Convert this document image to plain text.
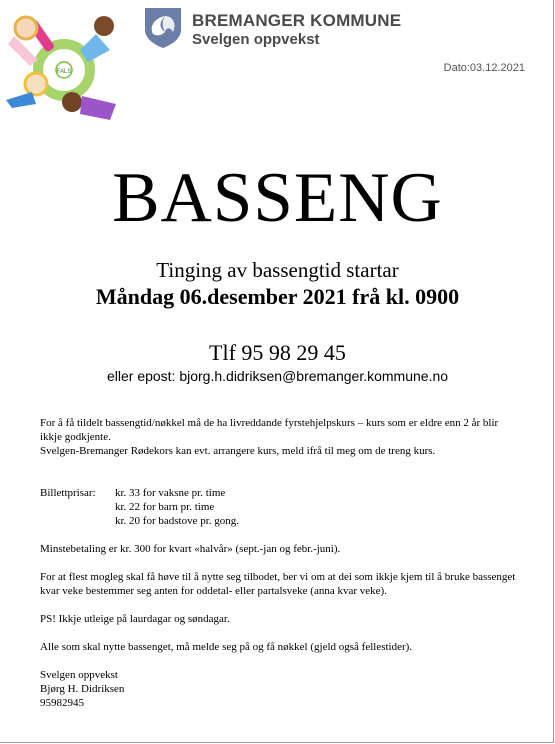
FALS
BREMANGER KOMMUNE
Svelgen oppvekst
Dato:03.12.2021
BASSENG
Tinging av bassengtid startar
Måndag 06.desember 2021 frå kl. 0900
Tlf 95 98 29 45
eller epost: bjorg.h.didriksen@bremanger.kommune.no

For å få tildelt bassengtid/nøkkel må de ha livreddande fyrstehjelpskurs – kurs som er eldre enn 2 år blir ikkje godkjente.

Svelgen-Bremanger Rødekors kan evt. arrangere kurs, meld ifrå til meg om de treng kurs.

Billettprisar:	kr. 33 for vaksne pr. time
kr. 22 for barn pr. time
kr. 20 for badstove pr. gong.

Minstebetaling er kr. 300 for kvart «halvår» (sept.-jan og febr.-juni).

For at flest mogleg skal få høve til å nytte seg tilbodet, ber vi om at dei som ikkje kjem til å bruke bassenget kvar veke bestemmer seg anten for oddetal- eller partalsveke (anna kvar veke).

PS! Ikkje utleige på laurdagar og søndagar.

Alle som skal nytte bassenget, må melde seg på og få nøkkel (gjeld også fellestider).

Svelgen oppvekst

Bjørg H. Didriksen

95982945
